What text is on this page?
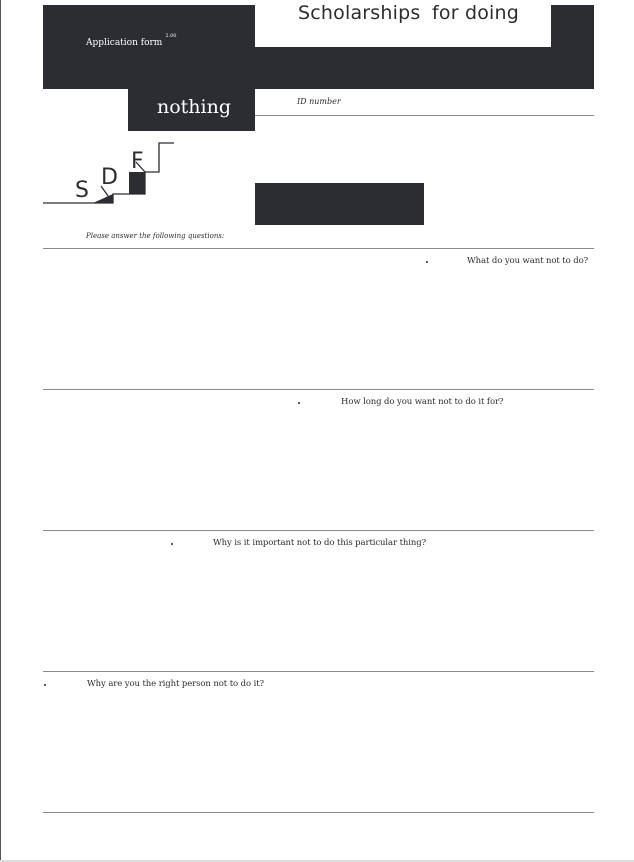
Application form$^{2.00}$
Scholarships for doing
nothing	ID number
S
D
F
Please answer the following questions:
What do you want not to do?
How long do you want not to do it for?
Why is it important not to do this particular thing?
Why are you the right person not to do it?
